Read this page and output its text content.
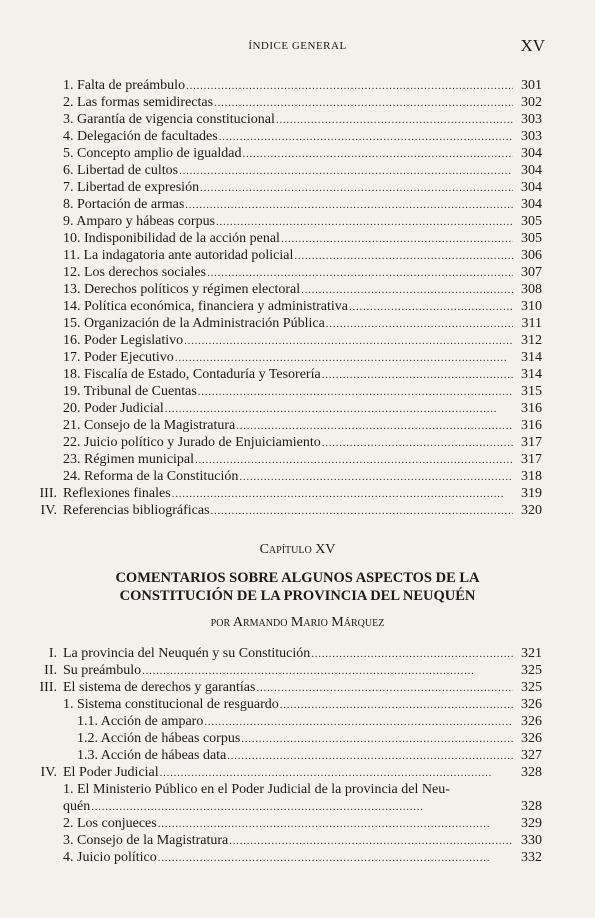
ÍNDICE GENERAL	XV
1. Falta de preámbulo . . .	301
2. Las formas semidirectas . . .	302
3. Garantía de vigencia constitucional . . .	303
4. Delegación de facultades . . .	303
5. Concepto amplio de igualdad . . .	304
6. Libertad de cultos . . .	304
7. Libertad de expresión . . .	304
8. Portación de armas . . .	304
9. Amparo y hábeas corpus . . .	305
10. Indisponibilidad de la acción penal . . .	305
11. La indagatoria ante autoridad policial . . .	306
12. Los derechos sociales . . .	307
13. Derechos políticos y régimen electoral . . .	308
14. Política económica, financiera y administrativa . . .	310
15. Organización de la Administración Pública . . .	311
16. Poder Legislativo . . .	312
17. Poder Ejecutivo . . .	314
18. Fiscalía de Estado, Contaduría y Tesorería . . .	314
19. Tribunal de Cuentas . . .	315
20. Poder Judicial . . .	316
21. Consejo de la Magistratura . . .	316
22. Juicio político y Jurado de Enjuiciamiento . . .	317
23. Régimen municipal . . .	317
24. Reforma de la Constitución . . .	318
III. Reflexiones finales . . .	319
IV. Referencias bibliográficas . . .	320
Capítulo XV
COMENTARIOS SOBRE ALGUNOS ASPECTOS DE LA
CONSTITUCIÓN DE LA PROVINCIA DEL NEUQUÉN
por Armando Mario Márquez
I. La provincia del Neuquén y su Constitución . . .	321
II. Su preámbulo . . .	325
III. El sistema de derechos y garantías . . .	325
1. Sistema constitucional de resguardo . . .	326
1.1. Acción de amparo . . .	326
1.2. Acción de hábeas corpus . . .	326
1.3. Acción de hábeas data . . .	327
IV. El Poder Judicial . . .	328
1. El Ministerio Público en el Poder Judicial de la provincia del Neu-
quén . . .	328
2. Los conjueces . . .	329
3. Consejo de la Magistratura . . .	330
4. Juicio político . . .	332
